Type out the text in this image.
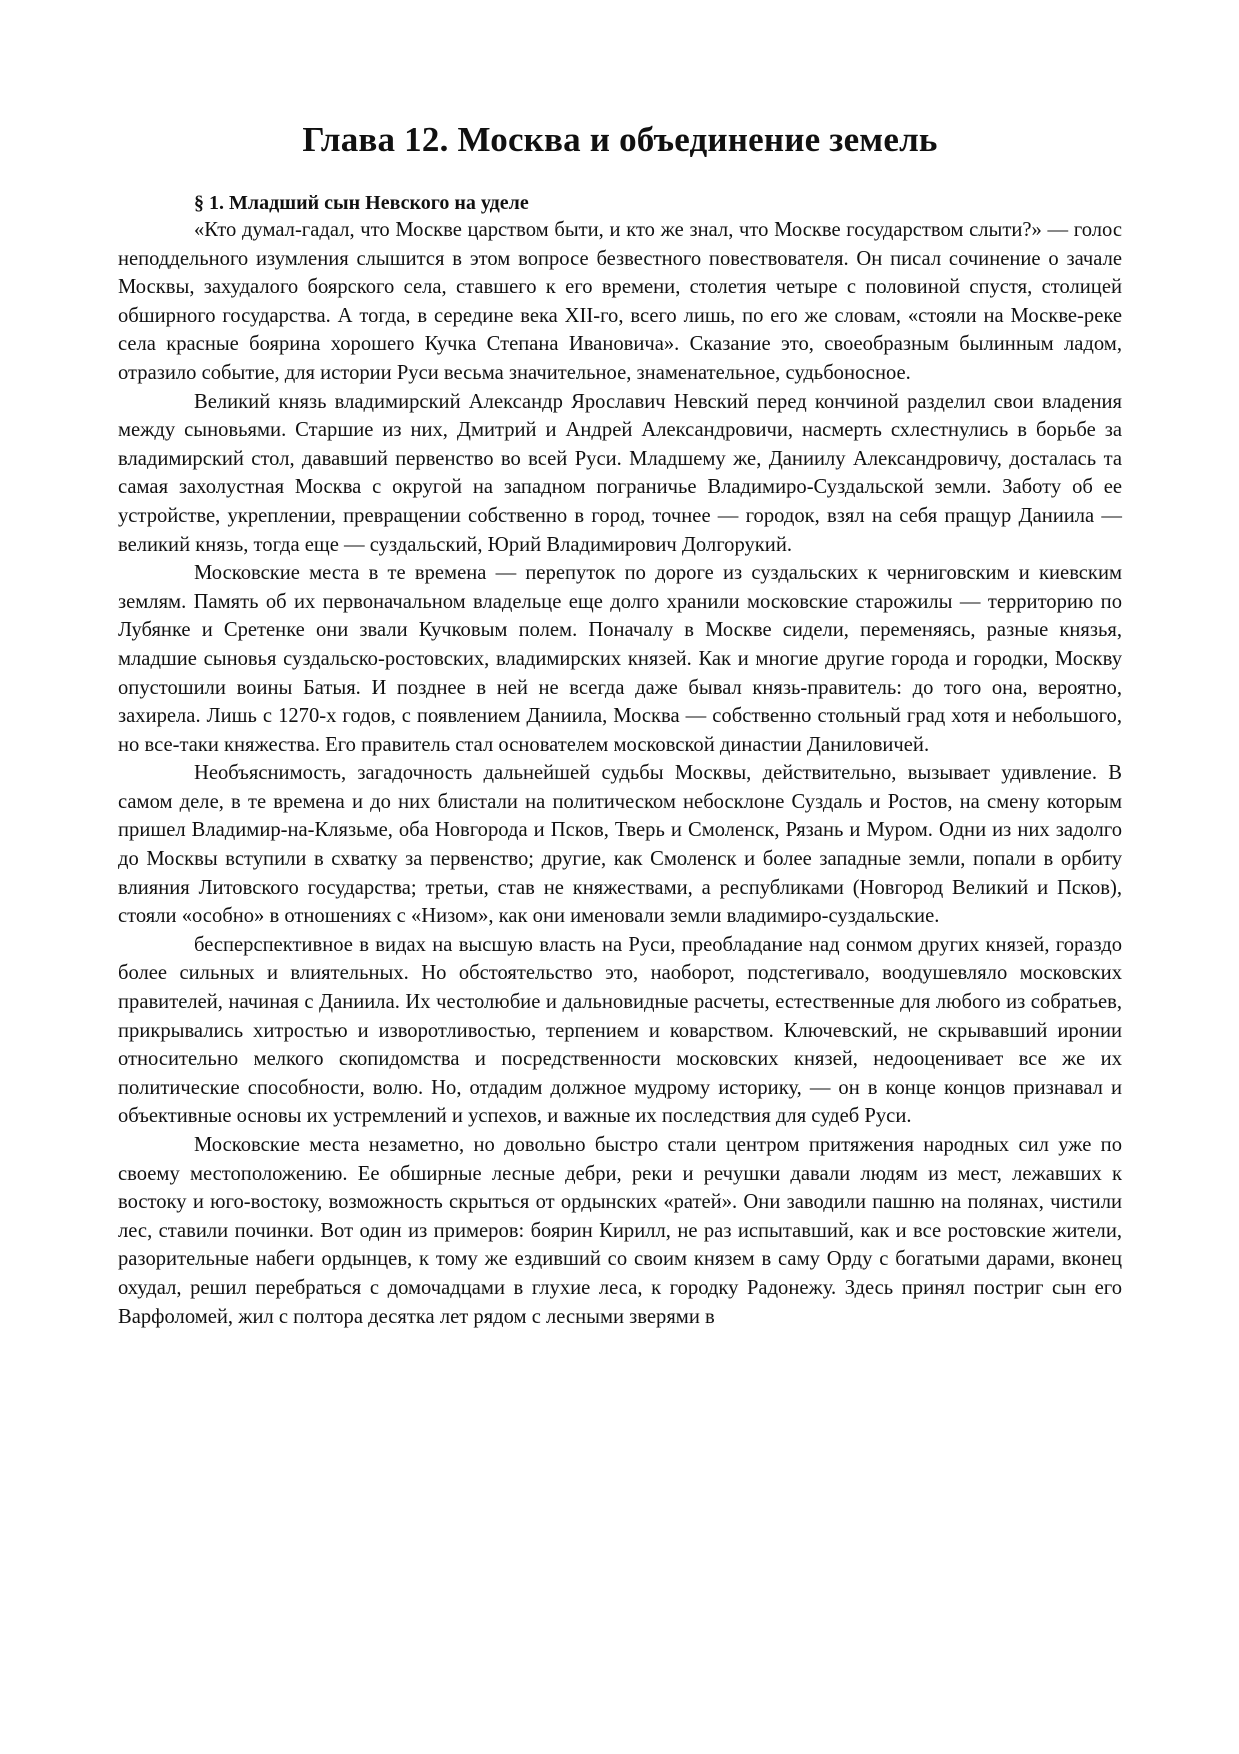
Глава 12. Москва и объединение земель
§ 1. Младший сын Невского на уделе

«Кто думал-гадал, что Москве царством быти, и кто же знал, что Москве государством слыти?» — голос неподдельного изумления слышится в этом вопросе безвестного повествователя. Он писал сочинение о зачале Москвы, захудалого боярского села, ставшего к его времени, столетия четыре с половиной спустя, столицей обширного государства. А тогда, в середине века XII-го, всего лишь, по его же словам, «стояли на Москве-реке села красные боярина хорошего Кучка Степана Ивановича». Сказание это, своеобразным былинным ладом, отразило событие, для истории Руси весьма значительное, знаменательное, судьбоносное.

Великий князь владимирский Александр Ярославич Невский перед кончиной разделил свои владения между сыновьями. Старшие из них, Дмитрий и Андрей Александровичи, насмерть схлестнулись в борьбе за владимирский стол, дававший первенство во всей Руси. Младшему же, Даниилу Александровичу, досталась та самая захолустная Москва с округой на западном пограничье Владимиро-Суздальской земли. Заботу об ее устройстве, укреплении, превращении собственно в город, точнее — городок, взял на себя пращур Даниила — великий князь, тогда еще — суздальский, Юрий Владимирович Долгорукий.

Московские места в те времена — перепуток по дороге из суздальских к черниговским и киевским землям. Память об их первоначальном владельце еще долго хранили московские старожилы — территорию по Лубянке и Сретенке они звали Кучковым полем. Поначалу в Москве сидели, переменяясь, разные князья, младшие сыновья суздальско-ростовских, владимирских князей. Как и многие другие города и городки, Москву опустошили воины Батыя. И позднее в ней не всегда даже бывал князь-правитель: до того она, вероятно, захирела. Лишь с 1270-х годов, с появлением Даниила, Москва — собственно стольный град хотя и небольшого, но все-таки княжества. Его правитель стал основателем московской династии Даниловичей.

Необъяснимость, загадочность дальнейшей судьбы Москвы, действительно, вызывает удивление. В самом деле, в те времена и до них блистали на политическом небосклоне Суздаль и Ростов, на смену которым пришел Владимир-на-Клязьме, оба Новгорода и Псков, Тверь и Смоленск, Рязань и Муром. Одни из них задолго до Москвы вступили в схватку за первенство; другие, как Смоленск и более западные земли, попали в орбиту влияния Литовского государства; третьи, став не княжествами, а республиками (Новгород Великий и Псков), стояли «особно» в отношениях с «Низом», как они именовали земли владимиро-суздальские.

бесперспективное в видах на высшую власть на Руси, преобладание над сонмом других князей, гораздо более сильных и влиятельных. Но обстоятельство это, наоборот, подстегивало, воодушевляло московских правителей, начиная с Даниила. Их честолюбие и дальновидные расчеты, естественные для любого из собратьев, прикрывались хитростью и изворотливостью, терпением и коварством. Ключевский, не скрывавший иронии относительно мелкого скопидомства и посредственности московских князей, недооценивает все же их политические способности, волю. Но, отдадим должное мудрому историку, — он в конце концов признавал и объективные основы их устремлений и успехов, и важные их последствия для судеб Руси.

Московские места незаметно, но довольно быстро стали центром притяжения народных сил уже по своему местоположению. Ее обширные лесные дебри, реки и речушки давали людям из мест, лежавших к востоку и юго-востоку, возможность скрыться от ордынских «ратей». Они заводили пашню на полянах, чистили лес, ставили починки. Вот один из примеров: боярин Кирилл, не раз испытавший, как и все ростовские жители, разорительные набеги ордынцев, к тому же ездивший со своим князем в саму Орду с богатыми дарами, вконец охудал, решил перебраться с домочадцами в глухие леса, к городку Радонежу. Здесь принял постриг сын его Варфоломей, жил с полтора десятка лет рядом с лесными зверями в
